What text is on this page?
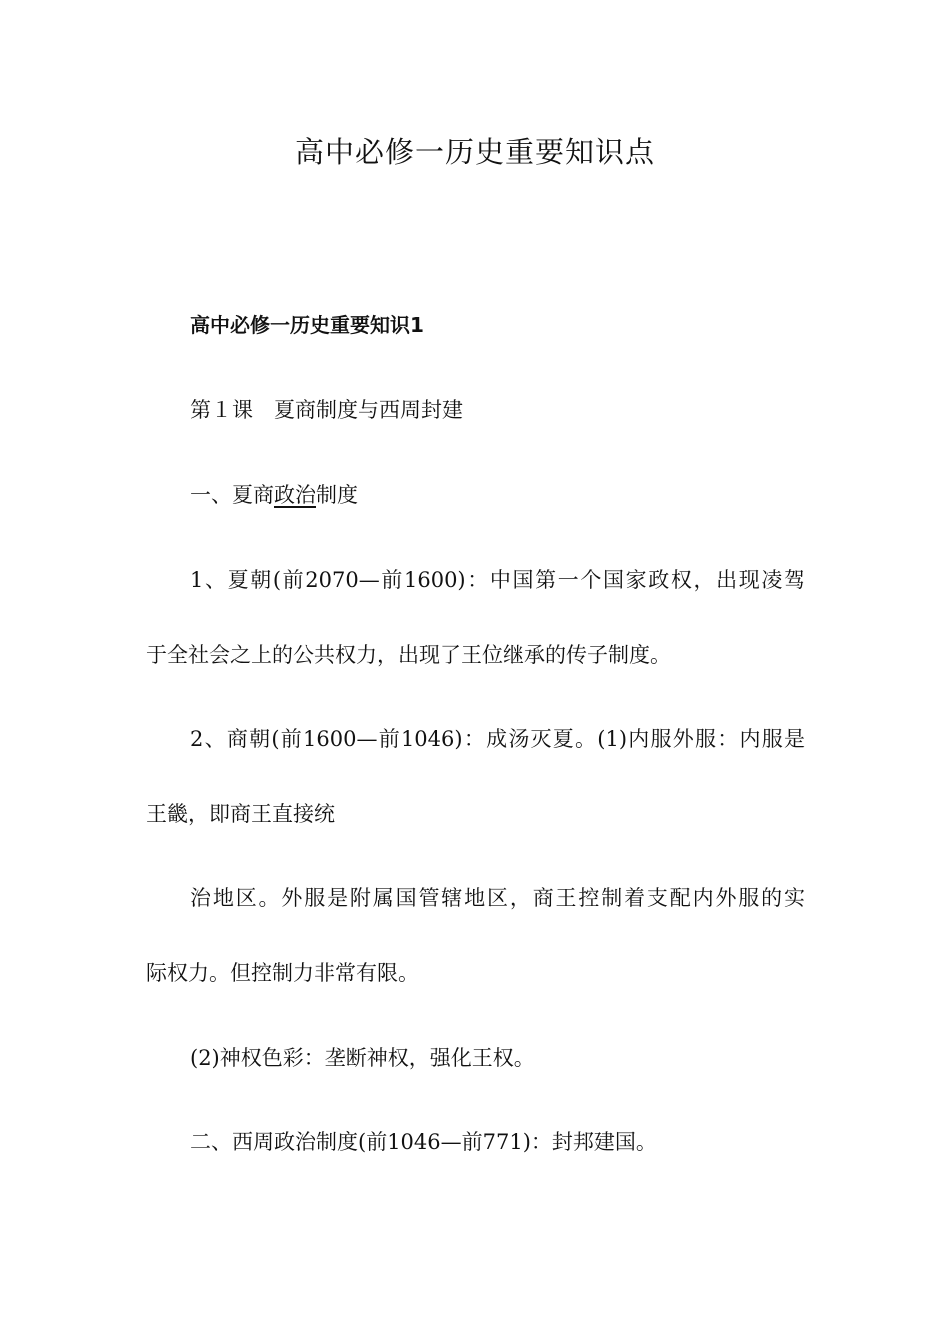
高中必修一历史重要知识点

高中必修一历史重要知识1

第１课　夏商制度与西周封建

一、夏商政治制度

1、夏朝(前2070—前1600)：中国第一个国家政权，出现凌驾

于全社会之上的公共权力，出现了王位继承的传子制度。

2、商朝(前1600—前1046)：成汤灭夏。(1)内服外服：内服是

王畿，即商王直接统

治地区。外服是附属国管辖地区，商王控制着支配内外服的实

际权力。但控制力非常有限。

(2)神权色彩：垄断神权，强化王权。

二、西周政治制度(前1046—前771)：封邦建国。
